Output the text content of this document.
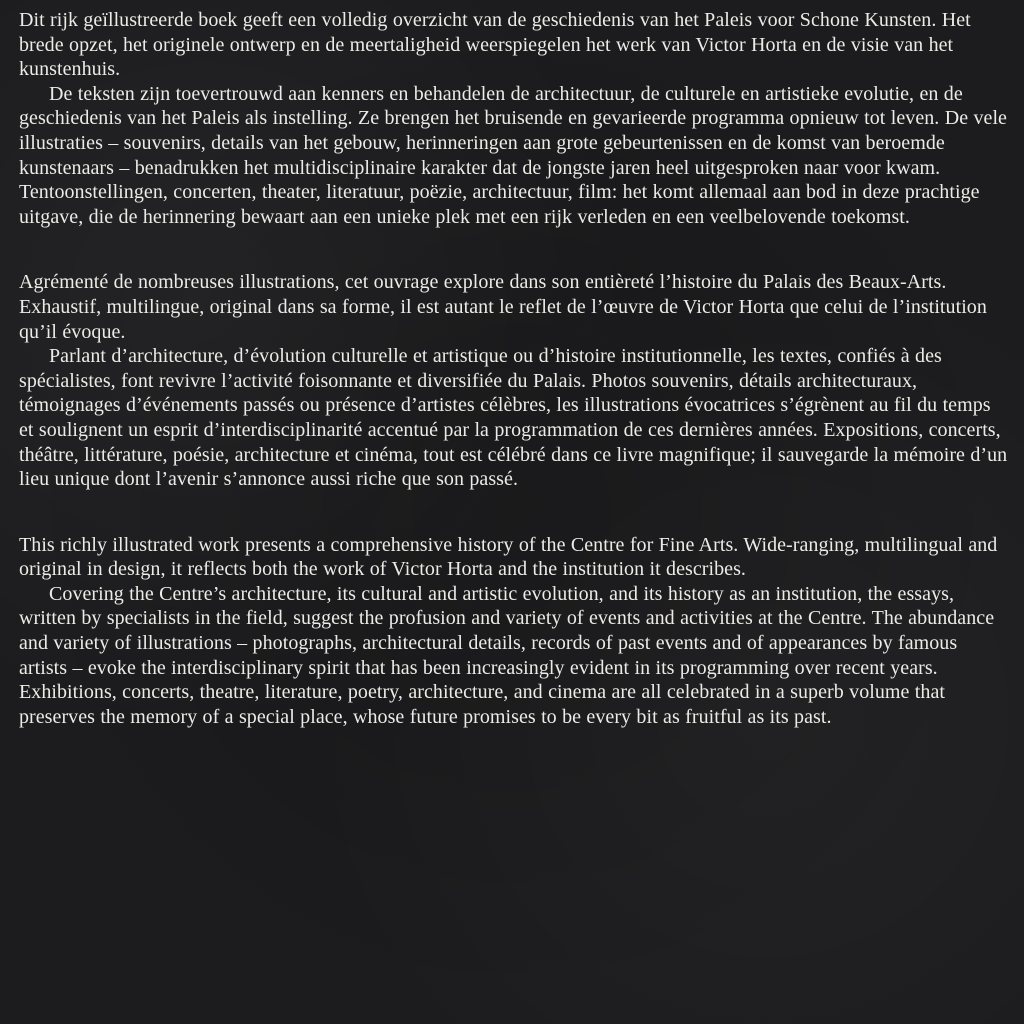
Dit rijk geïllustreerde boek geeft een volledig overzicht van de geschiedenis van het Paleis voor Schone Kunsten. Het brede opzet, het originele ontwerp en de meertaligheid weerspiegelen het werk van Victor Horta en de visie van het kunstenhuis.

De teksten zijn toevertrouwd aan kenners en behandelen de architectuur, de culturele en artistieke evolutie, en de geschiedenis van het Paleis als instelling. Ze brengen het bruisende en gevarieerde programma opnieuw tot leven. De vele illustraties – souvenirs, details van het gebouw, herinneringen aan grote gebeurtenissen en de komst van beroemde kunstenaars – benadrukken het multidisciplinaire karakter dat de jongste jaren heel uitgesproken naar voor kwam. Tentoonstellingen, concerten, theater, literatuur, poëzie, architectuur, film: het komt allemaal aan bod in deze prachtige uitgave, die de herinnering bewaart aan een unieke plek met een rijk verleden en een veelbelovende toekomst.

Agrémenté de nombreuses illustrations, cet ouvrage explore dans son entièreté l’histoire du Palais des Beaux-Arts. Exhaustif, multilingue, original dans sa forme, il est autant le reflet de l’œuvre de Victor Horta que celui de l’institution qu’il évoque.

Parlant d’architecture, d’évolution culturelle et artistique ou d’histoire institutionnelle, les textes, confiés à des spécialistes, font revivre l’activité foisonnante et diversifiée du Palais. Photos souvenirs, détails architecturaux, témoignages d’événements passés ou présence d’artistes célèbres, les illustrations évocatrices s’égrènent au fil du temps et soulignent un esprit d’interdisciplinarité accentué par la programmation de ces dernières années. Expositions, concerts, théâtre, littérature, poésie, architecture et cinéma, tout est célébré dans ce livre magnifique; il sauvegarde la mémoire d’un lieu unique dont l’avenir s’annonce aussi riche que son passé.

This richly illustrated work presents a comprehensive history of the Centre for Fine Arts. Wide-ranging, multilingual and original in design, it reflects both the work of Victor Horta and the institution it describes.

Covering the Centre’s architecture, its cultural and artistic evolution, and its history as an institution, the essays, written by specialists in the field, suggest the profusion and variety of events and activities at the Centre. The abundance and variety of illustrations – photographs, architectural details, records of past events and of appearances by famous artists – evoke the interdisciplinary spirit that has been increasingly evident in its programming over recent years. Exhibitions, concerts, theatre, literature, poetry, architecture, and cinema are all celebrated in a superb volume that preserves the memory of a special place, whose future promises to be every bit as fruitful as its past.
